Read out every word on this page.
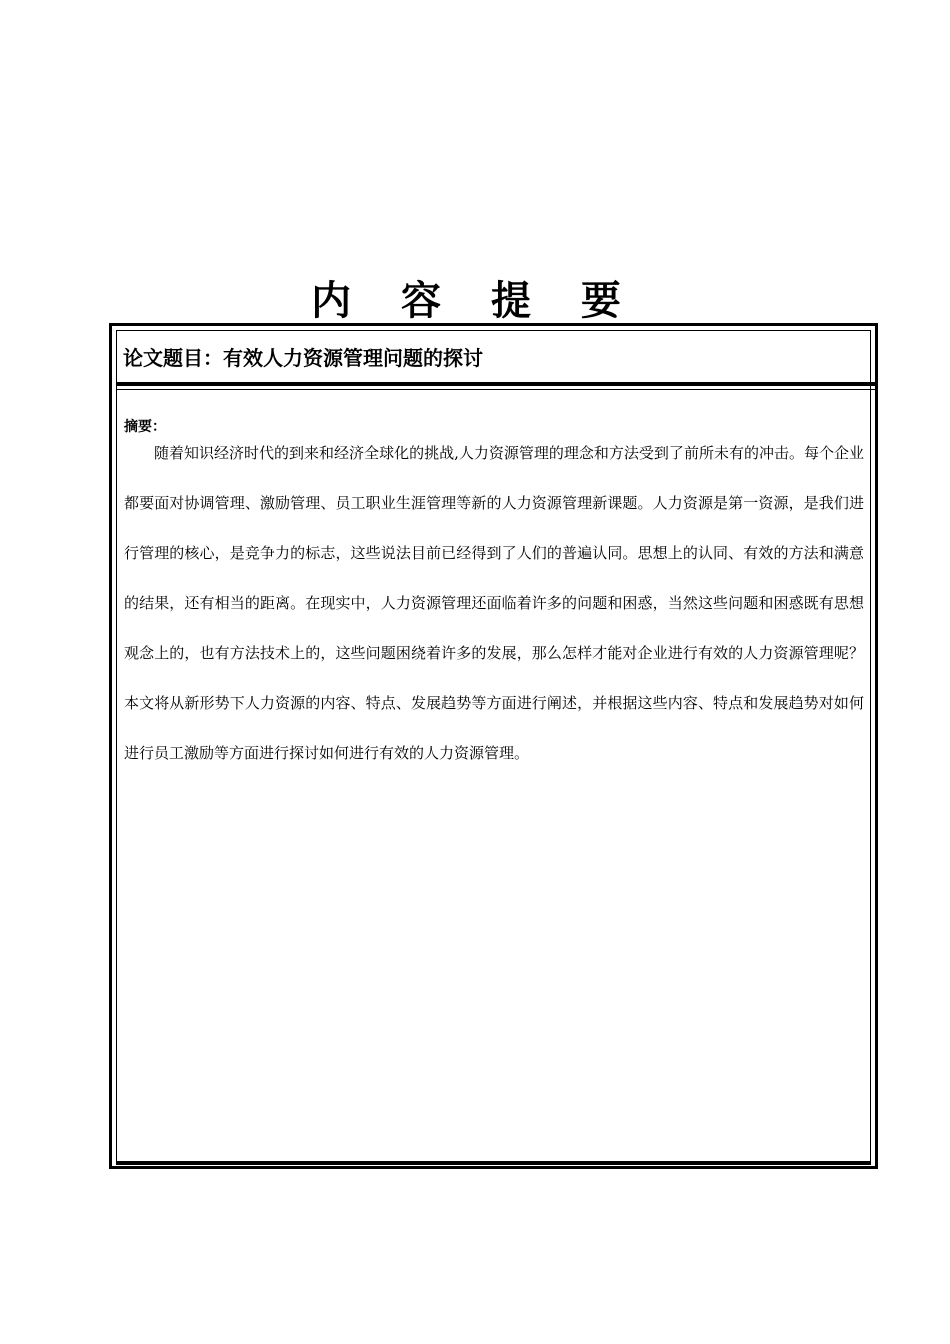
内 容 提 要
论文题目：有效人力资源管理问题的探讨
摘要：
随着知识经济时代的到来和经济全球化的挑战,人力资源管理的理念和方法受到了前所未有的冲击。每个企业都要面对协调管理、激励管理、员工职业生涯管理等新的人力资源管理新课题。人力资源是第一资源，是我们进行管理的核心，是竞争力的标志，这些说法目前已经得到了人们的普遍认同。思想上的认同、有效的方法和满意的结果，还有相当的距离。在现实中，人力资源管理还面临着许多的问题和困惑，当然这些问题和困惑既有思想观念上的，也有方法技术上的，这些问题困绕着许多的发展，那么怎样才能对企业进行有效的人力资源管理呢？本文将从新形势下人力资源的内容、特点、发展趋势等方面进行阐述，并根据这些内容、特点和发展趋势对如何进行员工激励等方面进行探讨如何进行有效的人力资源管理。
